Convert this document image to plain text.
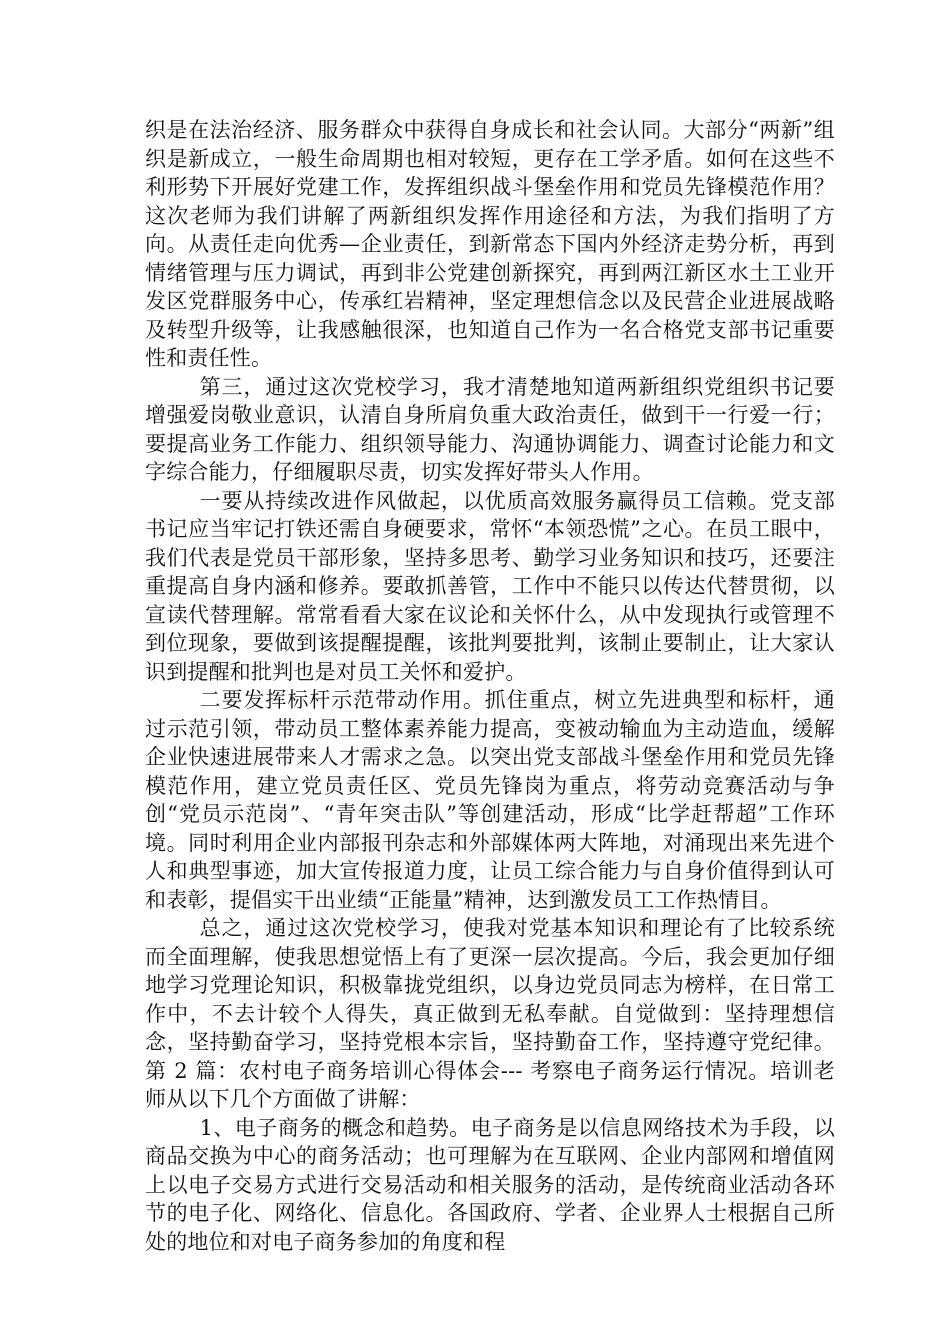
织是在法治经济、服务群众中获得自身成长和社会认同。大部分“两新”组织是新成立，一般生命周期也相对较短，更存在工学矛盾。如何在这些不利形势下开展好党建工作，发挥组织战斗堡垒作用和党员先锋模范作用？这次老师为我们讲解了两新组织发挥作用途径和方法，为我们指明了方向。从责任走向优秀—企业责任，到新常态下国内外经济走势分析，再到情绪管理与压力调试，再到非公党建创新探究，再到两江新区水土工业开发区党群服务中心，传承红岩精神，坚定理想信念以及民营企业进展战略及转型升级等，让我感触很深，也知道自己作为一名合格党支部书记重要性和责任性。

第三，通过这次党校学习，我才清楚地知道两新组织党组织书记要增强爱岗敬业意识，认清自身所肩负重大政治责任，做到干一行爱一行；要提高业务工作能力、组织领导能力、沟通协调能力、调查讨论能力和文字综合能力，仔细履职尽责，切实发挥好带头人作用。

一要从持续改进作风做起，以优质高效服务赢得员工信赖。党支部书记应当牢记打铁还需自身硬要求，常怀“本领恐慌”之心。在员工眼中，我们代表是党员干部形象，坚持多思考、勤学习业务知识和技巧，还要注重提高自身内涵和修养。要敢抓善管，工作中不能只以传达代替贯彻，以宣读代替理解。常常看看大家在议论和关怀什么，从中发现执行或管理不到位现象，要做到该提醒提醒，该批判要批判，该制止要制止，让大家认识到提醒和批判也是对员工关怀和爱护。

二要发挥标杆示范带动作用。抓住重点，树立先进典型和标杆，通过示范引领，带动员工整体素养能力提高，变被动输血为主动造血，缓解企业快速进展带来人才需求之急。以突出党支部战斗堡垒作用和党员先锋模范作用，建立党员责任区、党员先锋岗为重点，将劳动竞赛活动与争创“党员示范岗”、“青年突击队”等创建活动，形成“比学赶帮超”工作环境。同时利用企业内部报刊杂志和外部媒体两大阵地，对涌现出来先进个人和典型事迹，加大宣传报道力度，让员工综合能力与自身价值得到认可和表彰，提倡实干出业绩“正能量”精神，达到激发员工工作热情目。

总之，通过这次党校学习，使我对党基本知识和理论有了比较系统而全面理解，使我思想觉悟上有了更深一层次提高。今后，我会更加仔细地学习党理论知识，积极靠拢党组织，以身边党员同志为榜样，在日常工作中，不去计较个人得失，真正做到无私奉献。自觉做到：坚持理想信念，坚持勤奋学习，坚持党根本宗旨，坚持勤奋工作，坚持遵守党纪律。第 2 篇：农村电子商务培训心得体会--- 考察电子商务运行情况。培训老师从以下几个方面做了讲解：

1、电子商务的概念和趋势。电子商务是以信息网络技术为手段，以商品交换为中心的商务活动；也可理解为在互联网、企业内部网和增值网上以电子交易方式进行交易活动和相关服务的活动，是传统商业活动各环节的电子化、网络化、信息化。各国政府、学者、企业界人士根据自己所处的地位和对电子商务参加的角度和程
